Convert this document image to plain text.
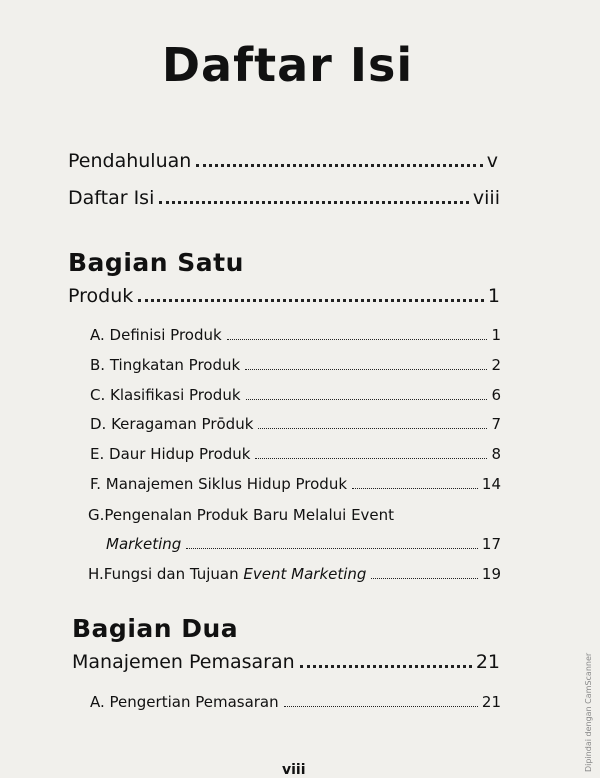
Daftar Isi
Pendahuluan	v
Daftar Isi	viii
Bagian Satu
Produk	1
A. Definisi Produk	1
B. Tingkatan Produk	2
C. Klasifikasi Produk	6
D. Keragaman Prōduk	7
E. Daur Hidup Produk	8
F. Manajemen Siklus Hidup Produk	14
G.Pengenalan Produk Baru Melalui Event
Marketing	17
H.Fungsi dan Tujuan Event Marketing	19
Bagian Dua
Manajemen Pemasaran	21
A. Pengertian Pemasaran	21
viii	Dipindai dengan CamScanner
